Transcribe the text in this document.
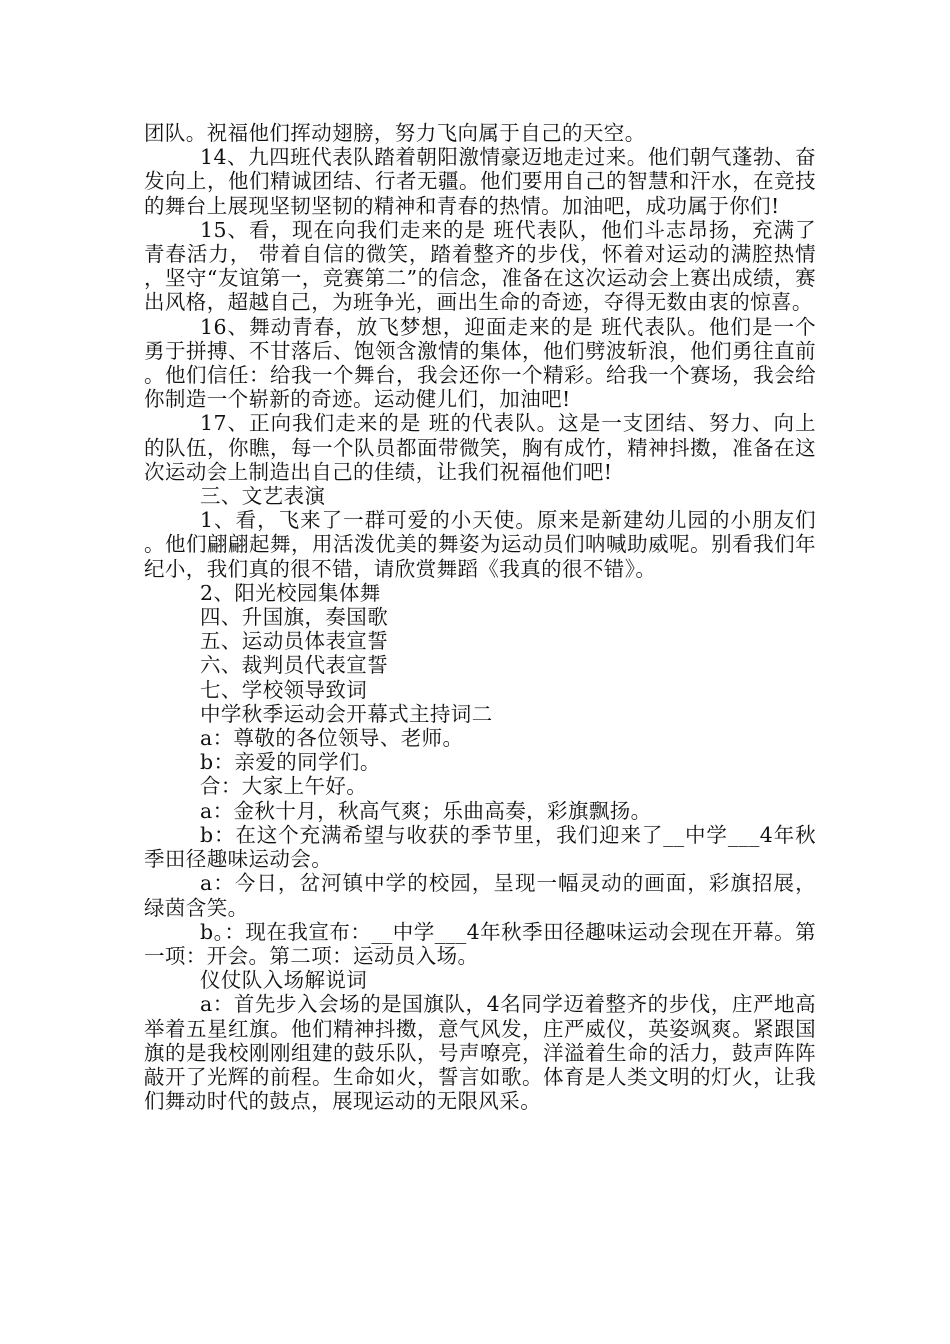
团队。祝福他们挥动翅膀，努力飞向属于自己的天空。

14、九四班代表队踏着朝阳激情豪迈地走过来。他们朝气蓬勃、奋发向上，他们精诚团结、行者无疆。他们要用自己的智慧和汗水，在竞技的舞台上展现坚韧坚韧的精神和青春的热情。加油吧，成功属于你们!

15、看，现在向我们走来的是 班代表队，他们斗志昂扬，充满了青春活力， 带着自信的微笑，踏着整齐的步伐，怀着对运动的满腔热情，坚守“友谊第一，竞赛第二”的信念，准备在这次运动会上赛出成绩，赛出风格，超越自己，为班争光，画出生命的奇迹，夺得无数由衷的惊喜。

16、舞动青春，放飞梦想，迎面走来的是 班代表队。他们是一个勇于拼搏、不甘落后、饱领含激情的集体，他们劈波斩浪，他们勇往直前。他们信任：给我一个舞台，我会还你一个精彩。给我一个赛场，我会给你制造一个崭新的奇迹。运动健儿们，加油吧!

17、正向我们走来的是 班的代表队。这是一支团结、努力、向上的队伍，你瞧，每一个队员都面带微笑，胸有成竹，精神抖擞，准备在这次运动会上制造出自己的佳绩，让我们祝福他们吧!

三、文艺表演

1、看，飞来了一群可爱的小天使。原来是新建幼儿园的小朋友们。他们翩翩起舞，用活泼优美的舞姿为运动员们呐喊助威呢。别看我们年纪小，我们真的很不错，请欣赏舞蹈《我真的很不错》。

2、阳光校园集体舞

四、升国旗，奏国歌

五、运动员体表宣誓

六、裁判员代表宣誓

七、学校领导致词

中学秋季运动会开幕式主持词二

a：尊敬的各位领导、老师。

b：亲爱的同学们。

合：大家上午好。

a：金秋十月，秋高气爽；乐曲高奏，彩旗飘扬。

b：在这个充满希望与收获的季节里，我们迎来了__中学___4年秋季田径趣味运动会。

a：今日，岔河镇中学的校园，呈现一幅灵动的画面，彩旗招展，绿茵含笑。

b。：现在我宣布：__中学___4年秋季田径趣味运动会现在开幕。第一项：开会。第二项：运动员入场。

仪仗队入场解说词

a：首先步入会场的是国旗队，4名同学迈着整齐的步伐，庄严地高举着五星红旗。他们精神抖擞，意气风发，庄严威仪，英姿飒爽。紧跟国旗的是我校刚刚组建的鼓乐队，号声嘹亮，洋溢着生命的活力，鼓声阵阵敲开了光辉的前程。生命如火，誓言如歌。体育是人类文明的灯火，让我们舞动时代的鼓点，展现运动的无限风采。
